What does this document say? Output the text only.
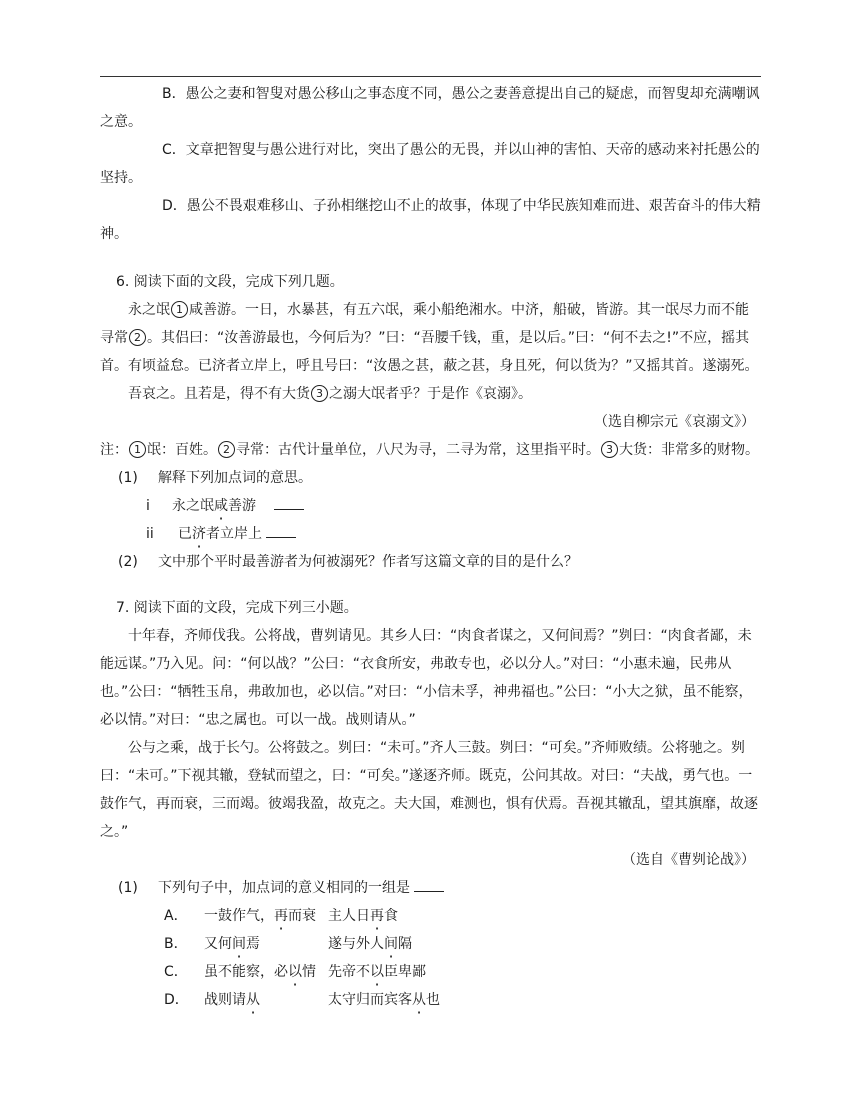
B．愚公之妻和智叟对愚公移山之事态度不同，愚公之妻善意提出自己的疑虑，而智叟却充满嘲讽之意。

C．文章把智叟与愚公进行对比，突出了愚公的无畏，并以山神的害怕、天帝的感动来衬托愚公的坚持。

D．愚公不畏艰难移山、子孙相继挖山不止的故事，体现了中华民族知难而进、艰苦奋斗的伟大精神。

6. 阅读下面的文段，完成下列几题。

永之氓 1 咸善游。一日，水暴甚，有五六氓，乘小船绝湘水。中济，船破，皆游。其一氓尽力而不能寻常 2 。其侣曰：“汝善游最也，今何后为？”曰：“吾腰千钱，重，是以后。”曰：“何不去之!”不应，摇其首。有顷益怠。已济者立岸上，呼且号曰：“汝愚之甚，蔽之甚，身且死，何以货为？”又摇其首。遂溺死。

吾哀之。且若是，得不有大货 3 之溺大氓者乎？于是作《哀溺》。

（选自柳宗元《哀溺文》）

注： 1 氓：百姓。 2 寻常：古代计量单位，八尺为寻，二寻为常，这里指平时。 3 大货：非常多的财物。

(1)	解释下列加点词的意思。

i	永之氓咸善游

ii	已济者立岸上

(2)	文中那个平时最善游者为何被溺死？作者写这篇文章的目的是什么？

7. 阅读下面的文段，完成下列三小题。

十年春，齐师伐我。公将战，曹刿请见。其乡人曰：“肉食者谋之，又何间焉？”刿曰：“肉食者鄙，未能远谋。”乃入见。问：“何以战？”公曰：“衣食所安，弗敢专也，必以分人。”对曰：“小惠未遍，民弗从也。”公曰：“牺牲玉帛，弗敢加也，必以信。”对曰：“小信未孚，神弗福也。”公曰：“小大之狱，虽不能察，必以情。”对曰：“忠之属也。可以一战。战则请从。”

公与之乘，战于长勺。公将鼓之。刿曰：“未可。”齐人三鼓。刿曰：“可矣。”齐师败绩。公将驰之。刿曰：“未可。”下视其辙，登轼而望之，曰：“可矣。”遂逐齐师。既克，公问其故。对曰：“夫战，勇气也。一鼓作气，再而衰，三而竭。彼竭我盈，故克之。夫大国，难测也，惧有伏焉。吾视其辙乱，望其旗靡，故逐之。”

（选自《曹刿论战》）

(1)	下列句子中，加点词的意义相同的一组是

A．	一鼓作气，再而衰 主人日再食

B．	又何间焉	遂与外人间隔

C．	虽不能察，必以情 先帝不以臣卑鄙

D．	战则请从	太守归而宾客从也
